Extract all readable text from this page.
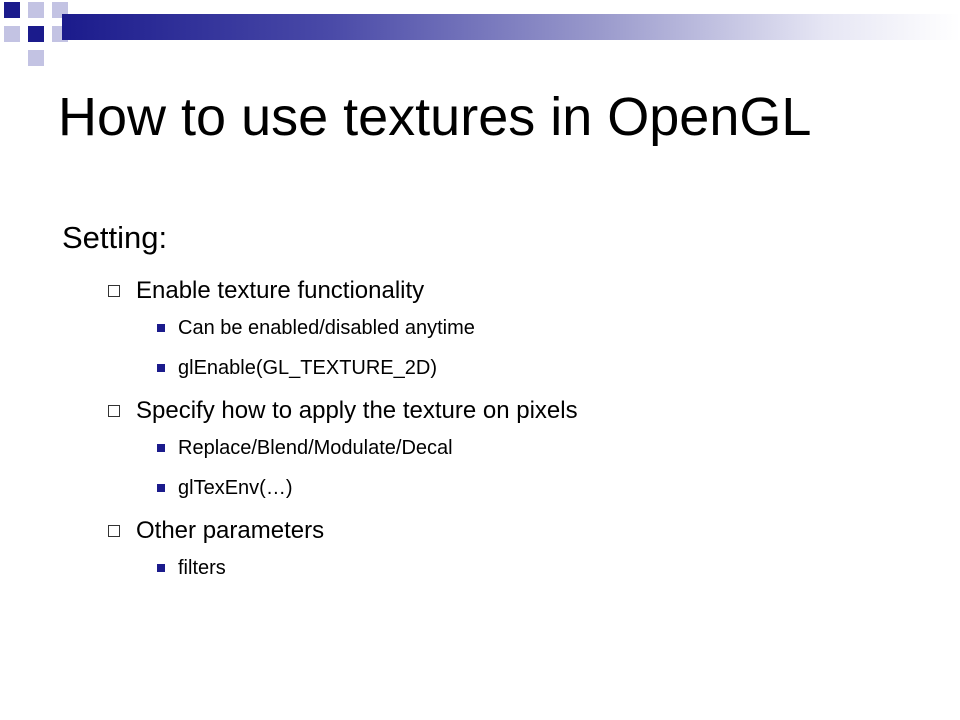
How to use textures in OpenGL
Setting:
Enable texture functionality
Can be enabled/disabled anytime
glEnable(GL_TEXTURE_2D)
Specify how to apply the texture on pixels
Replace/Blend/Modulate/Decal
glTexEnv(…)
Other parameters
filters
